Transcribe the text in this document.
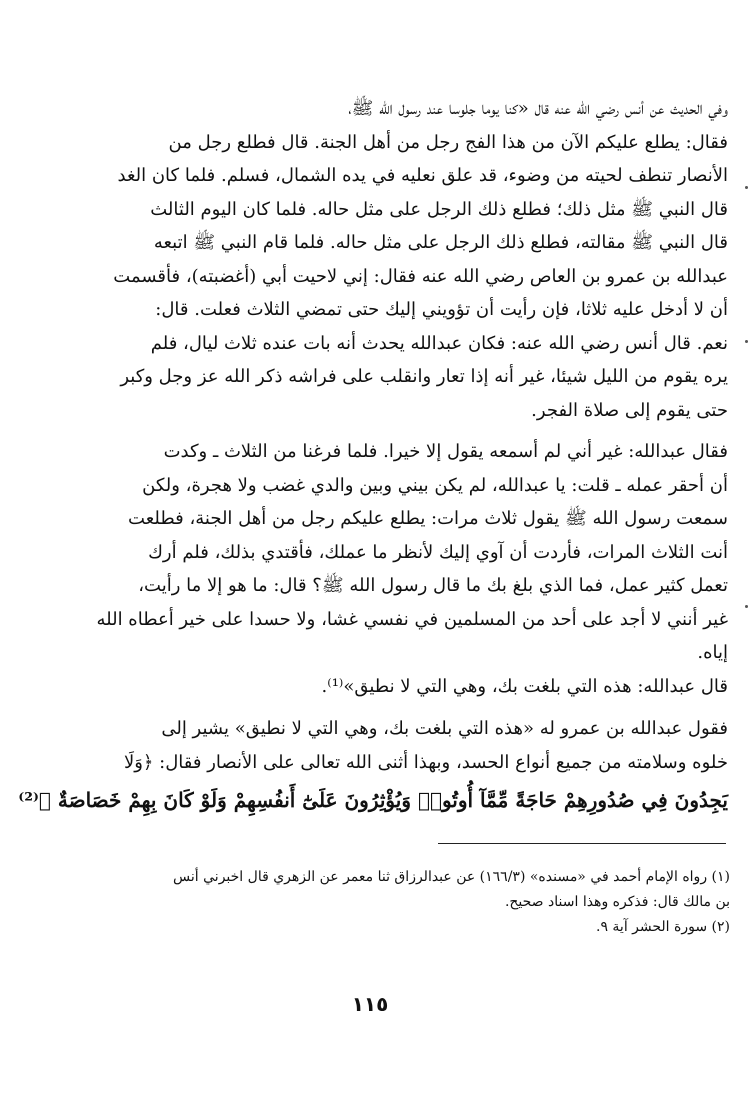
وفي الحديث عن أنس رضي الله عنه قال «كنا يوما جلوسا عند رسول الله ﷺ،
فقال: يطلع عليكم الآن من هذا الفج رجل من أهل الجنة. قال فطلع رجل من
الأنصار تنطف لحيته من وضوء، قد علق نعليه في يده الشمال، فسلم. فلما كان الغد
قال النبي ﷺ مثل ذلك؛ فطلع ذلك الرجل على مثل حاله. فلما كان اليوم الثالث
قال النبي ﷺ مقالته، فطلع ذلك الرجل على مثل حاله. فلما قام النبي ﷺ اتبعه
عبدالله بن عمرو بن العاص رضي الله عنه فقال: إني لاحيت أبي (أغضبته)، فأقسمت
أن لا أدخل عليه ثلاثا، فإن رأيت أن تؤويني إليك حتى تمضي الثلاث فعلت. قال:
نعم. قال أنس رضي الله عنه: فكان عبدالله يحدث أنه بات عنده ثلاث ليال، فلم
يره يقوم من الليل شيئا، غير أنه إذا تعار وانقلب على فراشه ذكر الله عز وجل وكبر
حتى يقوم إلى صلاة الفجر.
فقال عبدالله: غير أني لم أسمعه يقول إلا خيرا. فلما فرغنا من الثلاث ـ وكدت
أن أحقر عمله ـ قلت: يا عبدالله، لم يكن بيني وبين والدي غضب ولا هجرة، ولكن
سمعت رسول الله ﷺ يقول ثلاث مرات: يطلع عليكم رجل من أهل الجنة، فطلعت
أنت الثلاث المرات، فأردت أن آوي إليك لأنظر ما عملك، فأقتدي بذلك، فلم أرك
تعمل كثير عمل، فما الذي بلغ بك ما قال رسول الله ﷺ؟ قال: ما هو إلا ما رأيت،
غير أنني لا أجد على أحد من المسلمين في نفسي غشا، ولا حسدا على خير أعطاه الله
إياه.
قال عبدالله: هذه التي بلغت بك، وهي التي لا نطيق»⁽¹⁾.
فقول عبدالله بن عمرو له «هذه التي بلغت بك، وهي التي لا نطيق» يشير إلى
خلوه وسلامته من جميع أنواع الحسد، وبهذا أثنى الله تعالى على الأنصار فقال: ﴿وَلَا
يَجِدُونَ فِي صُدُورِهِمْ حَاجَةً مِّمَّآ أُوتُوا۟ وَيُؤْثِرُونَ عَلَىٰٓ أَنفُسِهِمْ وَلَوْ كَانَ بِهِمْ خَصَاصَةٌ ﴾⁽²⁾
(١) رواه الإمام أحمد في «مسنده» (١٦٦/٣) عن عبدالرزاق ثنا معمر عن الزهري قال اخبرني أنس
بن مالك قال: فذكره وهذا اسناد صحيح.
(٢) سورة الحشر آية ٩.
١١٥
